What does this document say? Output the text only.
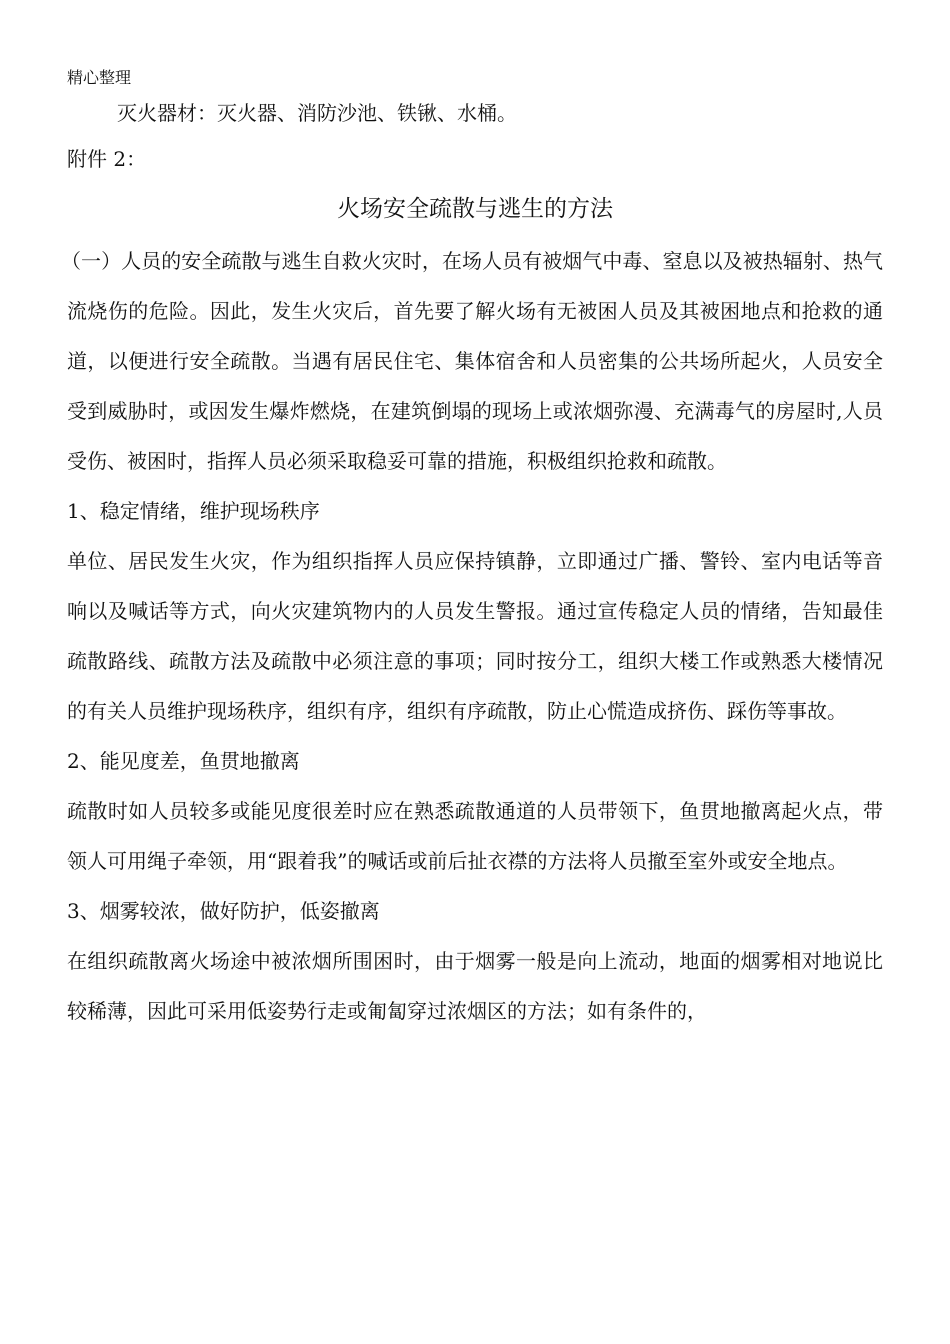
精心整理
灭火器材：灭火器、消防沙池、铁锹、水桶。
附件 2：
火场安全疏散与逃生的方法

（一）人员的安全疏散与逃生自救火灾时，在场人员有被烟气中毒、窒息以及被热辐射、热气流烧伤的危险。因此，发生火灾后，首先要了解火场有无被困人员及其被困地点和抢救的通道，以便进行安全疏散。当遇有居民住宅、集体宿舍和人员密集的公共场所起火，人员安全受到威胁时，或因发生爆炸燃烧，在建筑倒塌的现场上或浓烟弥漫、充满毒气的房屋时,人员受伤、被困时，指挥人员必须采取稳妥可靠的措施，积极组织抢救和疏散。

1、稳定情绪，维护现场秩序

单位、居民发生火灾，作为组织指挥人员应保持镇静，立即通过广播、警铃、室内电话等音响以及喊话等方式，向火灾建筑物内的人员发生警报。通过宣传稳定人员的情绪，告知最佳疏散路线、疏散方法及疏散中必须注意的事项；同时按分工，组织大楼工作或熟悉大楼情况的有关人员维护现场秩序，组织有序，组织有序疏散，防止心慌造成挤伤、踩伤等事故。

2、能见度差，鱼贯地撤离

疏散时如人员较多或能见度很差时应在熟悉疏散通道的人员带领下，鱼贯地撤离起火点，带领人可用绳子牵领，用“跟着我”的喊话或前后扯衣襟的方法将人员撤至室外或安全地点。

3、烟雾较浓，做好防护，低姿撤离

在组织疏散离火场途中被浓烟所围困时，由于烟雾一般是向上流动，地面的烟雾相对地说比较稀薄，因此可采用低姿势行走或匍匐穿过浓烟区的方法；如有条件的，
